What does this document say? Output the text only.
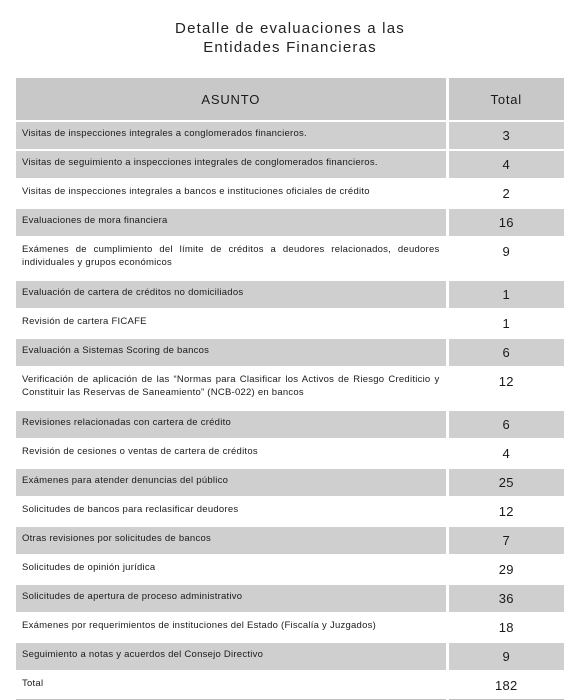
Detalle de evaluaciones a las
Entidades Financieras
ASUNTO	Total
Visitas de inspecciones integrales a conglomerados financieros.	3
Visitas de seguimiento a inspecciones integrales de conglomerados financieros.	4
Visitas de inspecciones integrales a bancos e instituciones oficiales de crédito	2
Evaluaciones de mora financiera	16
Exámenes de cumplimiento del límite de créditos a deudores relacionados, deudores individuales y grupos económicos	9
Evaluación de cartera de créditos no domiciliados	1
Revisión de cartera FICAFE	1
Evaluación a Sistemas Scoring de bancos	6
Verificación de aplicación de las “Normas para Clasificar los Activos de Riesgo Crediticio y Constituir las Reservas de Saneamiento” (NCB-022) en bancos	12
Revisiones relacionadas con cartera de crédito	6
Revisión de cesiones o ventas de cartera de créditos	4
Exámenes para atender denuncias del público	25
Solicitudes de bancos para reclasificar deudores	12
Otras revisiones por solicitudes de bancos	7
Solicitudes de opinión jurídica	29
Solicitudes de apertura de proceso administrativo	36
Exámenes por requerimientos de instituciones del Estado (Fiscalía y Juzgados)	18
Seguimiento a notas y acuerdos del Consejo Directivo	9
Total	182
